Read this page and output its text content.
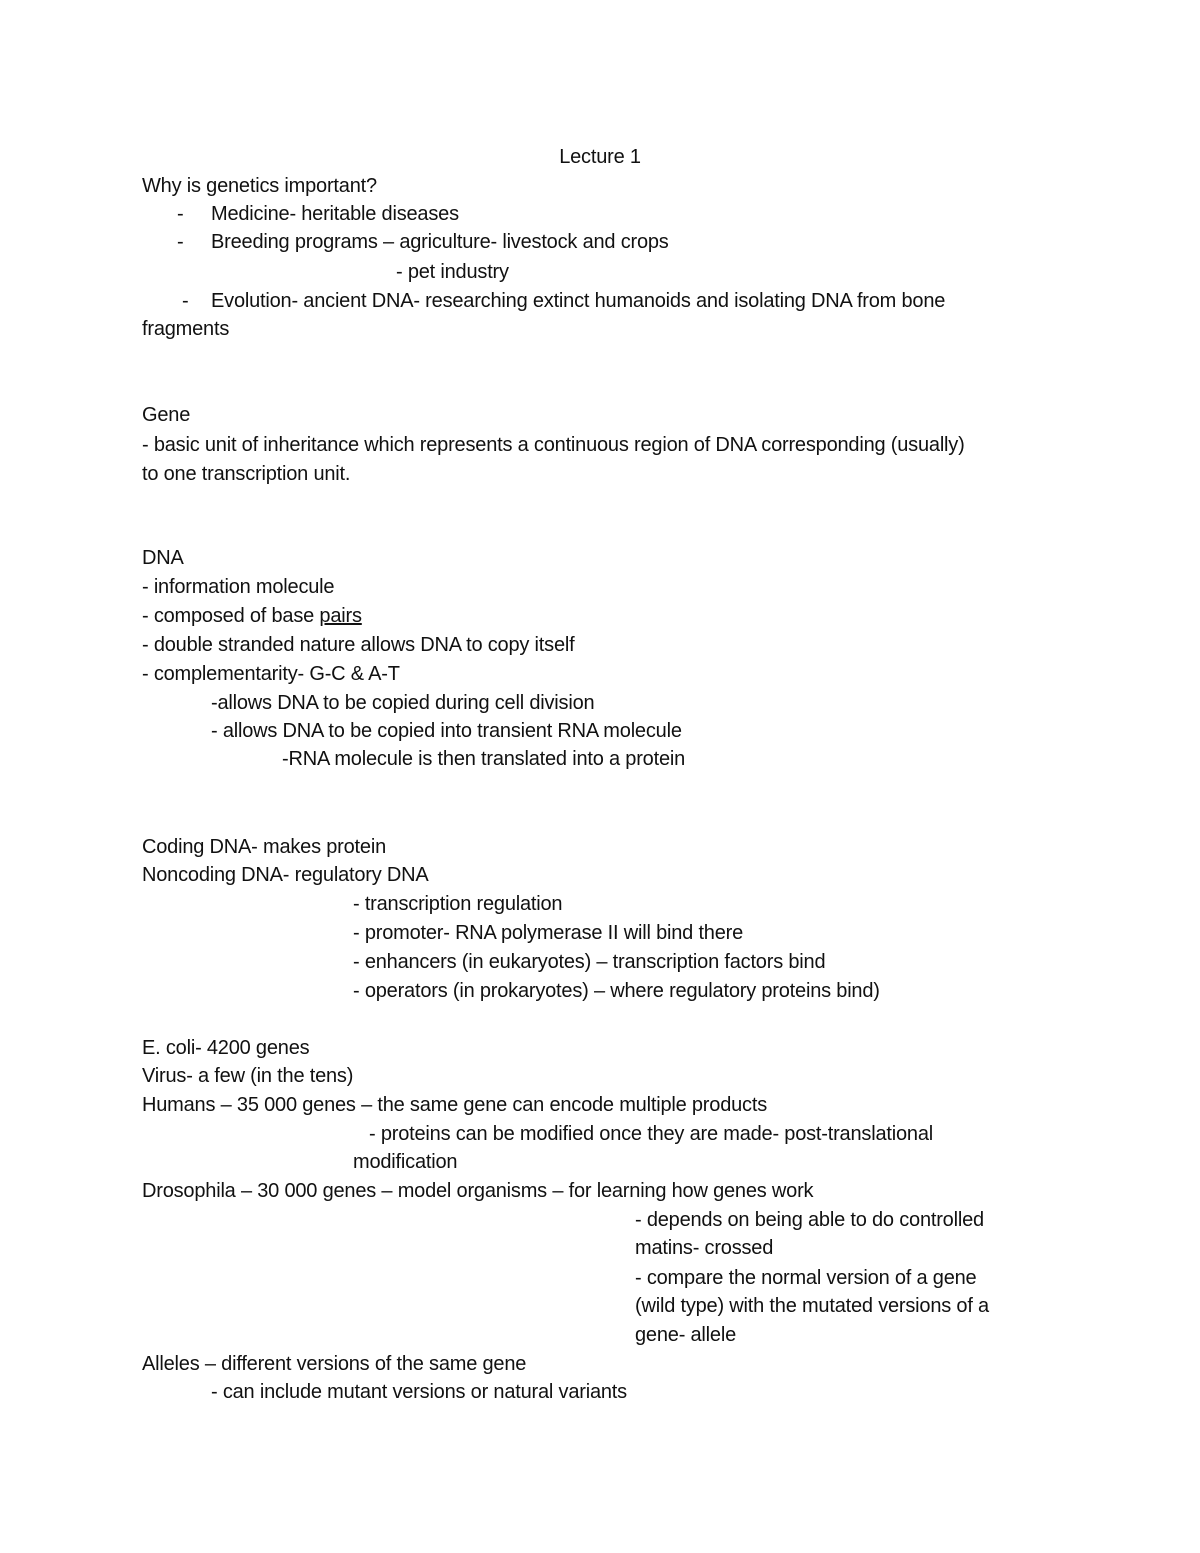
Lecture 1
Why is genetics important?
- Medicine- heritable diseases
- Breeding programs – agriculture- livestock and crops
- pet industry
- Evolution- ancient DNA- researching extinct humanoids and isolating DNA from bone
fragments
Gene
- basic unit of inheritance which represents a continuous region of DNA corresponding (usually)
to one transcription unit.
DNA
- information molecule
- composed of base pairs
- double stranded nature allows DNA to copy itself
- complementarity- G-C & A-T
-allows DNA to be copied during cell division
- allows DNA to be copied into transient RNA molecule
-RNA molecule is then translated into a protein
Coding DNA- makes protein
Noncoding DNA- regulatory DNA
- transcription regulation
- promoter- RNA polymerase II will bind there
- enhancers (in eukaryotes) – transcription factors bind
- operators (in prokaryotes) – where regulatory proteins bind)
E. coli- 4200 genes
Virus- a few (in the tens)
Humans – 35 000 genes – the same gene can encode multiple products
- proteins can be modified once they are made- post-translational
modification
Drosophila – 30 000 genes – model organisms – for learning how genes work
- depends on being able to do controlled
matins- crossed
- compare the normal version of a gene
(wild type) with the mutated versions of a
gene- allele
Alleles – different versions of the same gene
- can include mutant versions or natural variants
